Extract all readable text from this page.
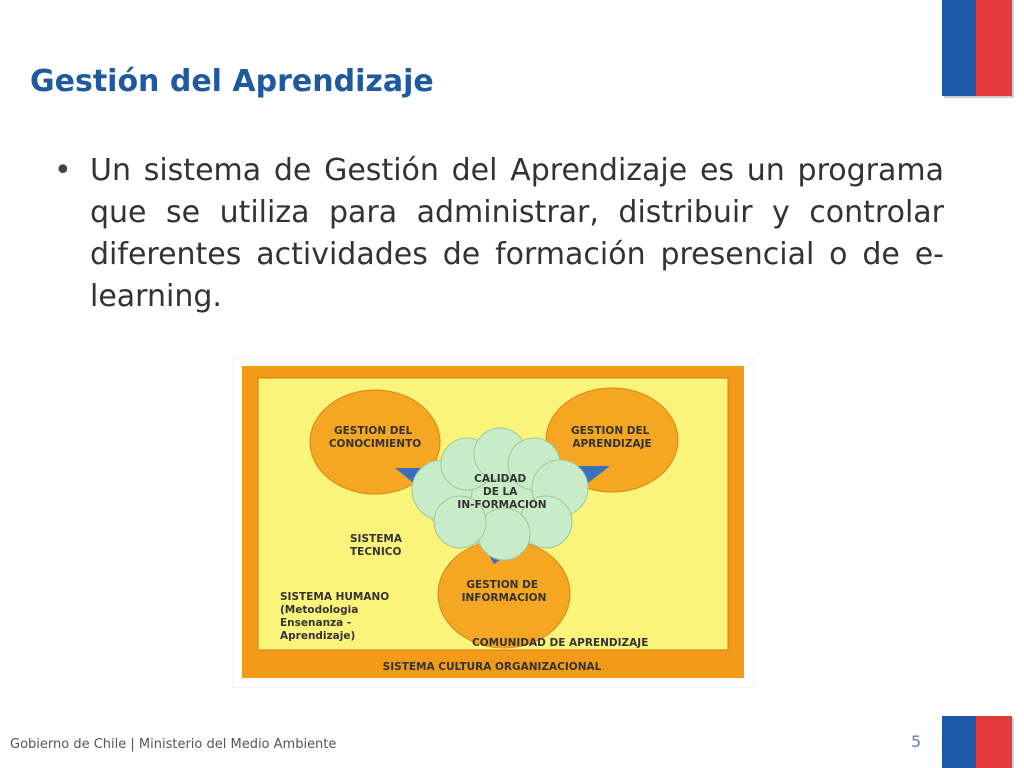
Gestión del Aprendizaje
• Un sistema de Gestión del Aprendizaje es un programa que se utiliza para administrar, distribuir y controlar diferentes actividades de formación presencial o de e-learning.
GESTION DEL CONOCIMIENTO
GESTION DEL APRENDIZAJE
CALIDAD DE LA IN-FORMACION
SISTEMA TECNICO
GESTION DE INFORMACION
SISTEMA HUMANO (Metodologia Ensenanza - Aprendizaje)
COMUNIDAD DE APRENDIZAJE
SISTEMA CULTURA ORGANIZACIONAL
Gobierno de Chile | Ministerio del Medio Ambiente	5
